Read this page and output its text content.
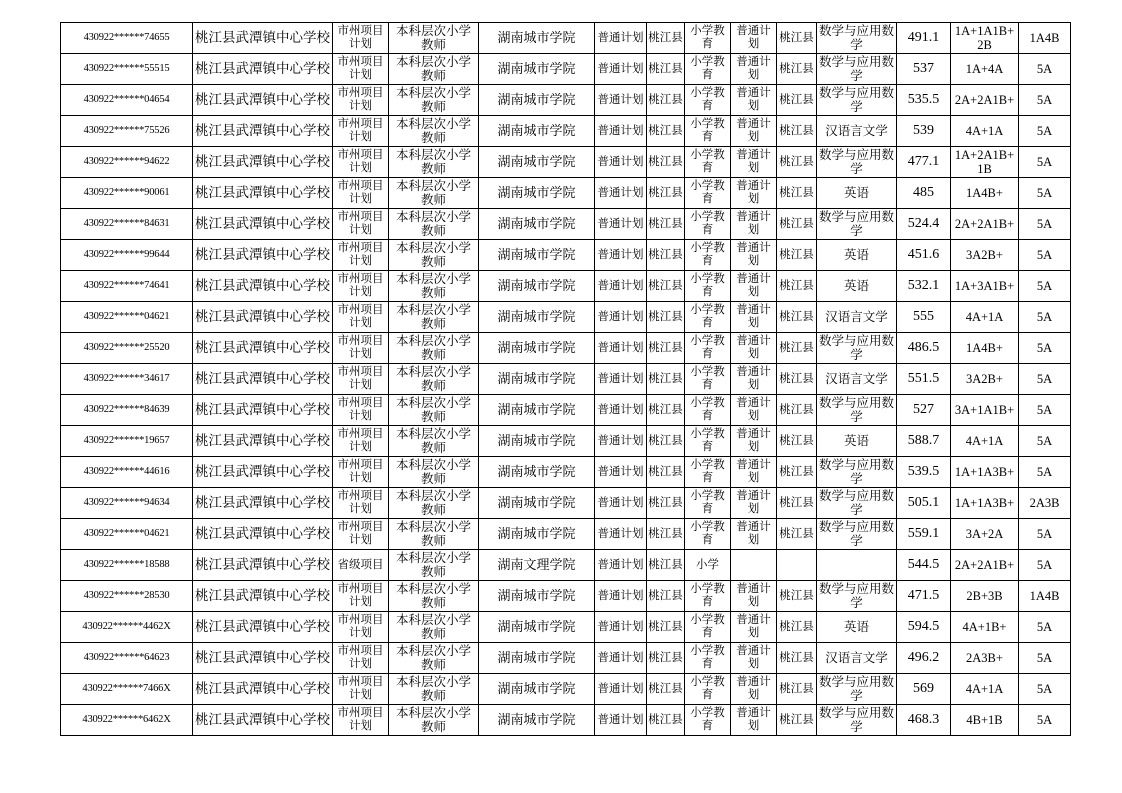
430922******74655	桃江县武潭镇中心学校	市州项目计划	本科层次小学教师	湖南城市学院	普通计划	桃江县	小学教育	普通计划	桃江县	数学与应用数学	491.1	1A+1A1B+2B	1A4B
430922******55515	桃江县武潭镇中心学校	市州项目计划	本科层次小学教师	湖南城市学院	普通计划	桃江县	小学教育	普通计划	桃江县	数学与应用数学	537	1A+4A	5A
430922******04654	桃江县武潭镇中心学校	市州项目计划	本科层次小学教师	湖南城市学院	普通计划	桃江县	小学教育	普通计划	桃江县	数学与应用数学	535.5	2A+2A1B+	5A
430922******75526	桃江县武潭镇中心学校	市州项目计划	本科层次小学教师	湖南城市学院	普通计划	桃江县	小学教育	普通计划	桃江县	汉语言文学	539	4A+1A	5A
430922******94622	桃江县武潭镇中心学校	市州项目计划	本科层次小学教师	湖南城市学院	普通计划	桃江县	小学教育	普通计划	桃江县	数学与应用数学	477.1	1A+2A1B+1B	5A
430922******90061	桃江县武潭镇中心学校	市州项目计划	本科层次小学教师	湖南城市学院	普通计划	桃江县	小学教育	普通计划	桃江县	英语	485	1A4B+	5A
430922******84631	桃江县武潭镇中心学校	市州项目计划	本科层次小学教师	湖南城市学院	普通计划	桃江县	小学教育	普通计划	桃江县	数学与应用数学	524.4	2A+2A1B+	5A
430922******99644	桃江县武潭镇中心学校	市州项目计划	本科层次小学教师	湖南城市学院	普通计划	桃江县	小学教育	普通计划	桃江县	英语	451.6	3A2B+	5A
430922******74641	桃江县武潭镇中心学校	市州项目计划	本科层次小学教师	湖南城市学院	普通计划	桃江县	小学教育	普通计划	桃江县	英语	532.1	1A+3A1B+	5A
430922******04621	桃江县武潭镇中心学校	市州项目计划	本科层次小学教师	湖南城市学院	普通计划	桃江县	小学教育	普通计划	桃江县	汉语言文学	555	4A+1A	5A
430922******25520	桃江县武潭镇中心学校	市州项目计划	本科层次小学教师	湖南城市学院	普通计划	桃江县	小学教育	普通计划	桃江县	数学与应用数学	486.5	1A4B+	5A
430922******34617	桃江县武潭镇中心学校	市州项目计划	本科层次小学教师	湖南城市学院	普通计划	桃江县	小学教育	普通计划	桃江县	汉语言文学	551.5	3A2B+	5A
430922******84639	桃江县武潭镇中心学校	市州项目计划	本科层次小学教师	湖南城市学院	普通计划	桃江县	小学教育	普通计划	桃江县	数学与应用数学	527	3A+1A1B+	5A
430922******19657	桃江县武潭镇中心学校	市州项目计划	本科层次小学教师	湖南城市学院	普通计划	桃江县	小学教育	普通计划	桃江县	英语	588.7	4A+1A	5A
430922******44616	桃江县武潭镇中心学校	市州项目计划	本科层次小学教师	湖南城市学院	普通计划	桃江县	小学教育	普通计划	桃江县	数学与应用数学	539.5	1A+1A3B+	5A
430922******94634	桃江县武潭镇中心学校	市州项目计划	本科层次小学教师	湖南城市学院	普通计划	桃江县	小学教育	普通计划	桃江县	数学与应用数学	505.1	1A+1A3B+	2A3B
430922******04621	桃江县武潭镇中心学校	市州项目计划	本科层次小学教师	湖南城市学院	普通计划	桃江县	小学教育	普通计划	桃江县	数学与应用数学	559.1	3A+2A	5A
430922******18588	桃江县武潭镇中心学校	省级项目	本科层次小学教师	湖南文理学院	普通计划	桃江县	小学				544.5	2A+2A1B+	5A
430922******28530	桃江县武潭镇中心学校	市州项目计划	本科层次小学教师	湖南城市学院	普通计划	桃江县	小学教育	普通计划	桃江县	数学与应用数学	471.5	2B+3B	1A4B
430922******4462X	桃江县武潭镇中心学校	市州项目计划	本科层次小学教师	湖南城市学院	普通计划	桃江县	小学教育	普通计划	桃江县	英语	594.5	4A+1B+	5A
430922******64623	桃江县武潭镇中心学校	市州项目计划	本科层次小学教师	湖南城市学院	普通计划	桃江县	小学教育	普通计划	桃江县	汉语言文学	496.2	2A3B+	5A
430922******7466X	桃江县武潭镇中心学校	市州项目计划	本科层次小学教师	湖南城市学院	普通计划	桃江县	小学教育	普通计划	桃江县	数学与应用数学	569	4A+1A	5A
430922******6462X	桃江县武潭镇中心学校	市州项目计划	本科层次小学教师	湖南城市学院	普通计划	桃江县	小学教育	普通计划	桃江县	数学与应用数学	468.3	4B+1B	5A
